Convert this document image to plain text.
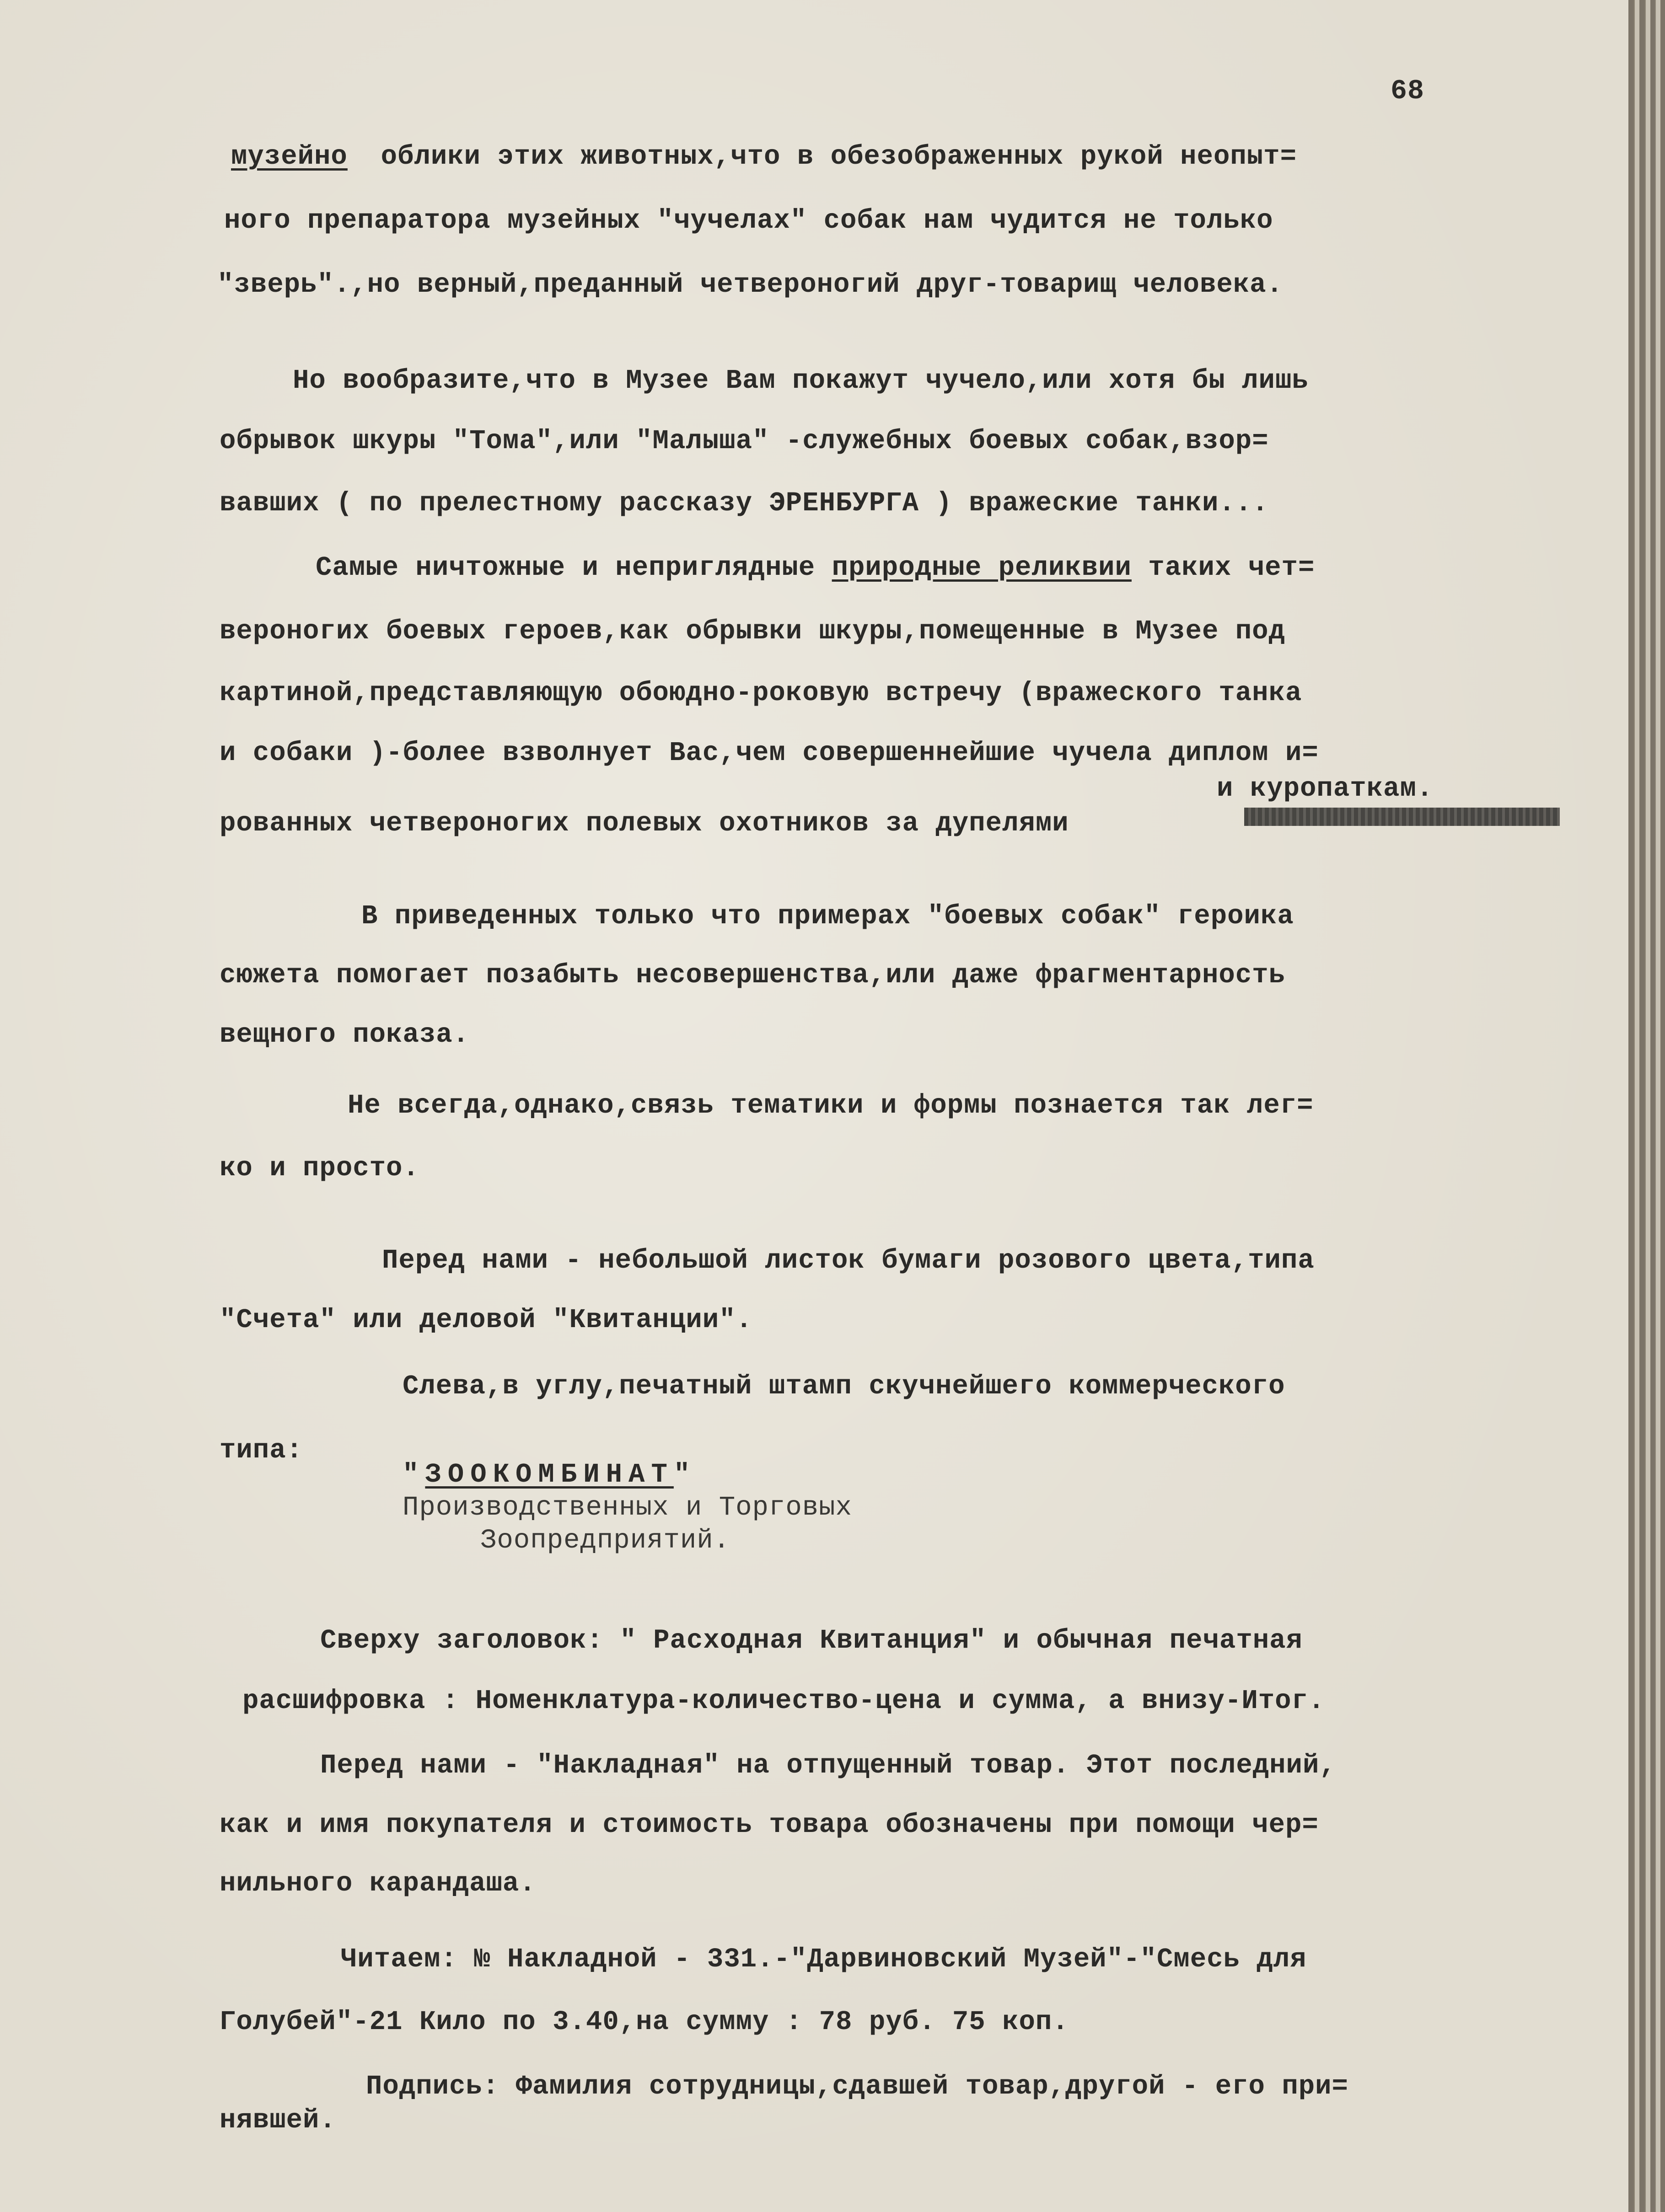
68
музейно  облики этих животных,что в обезображенных рукой неопыт=
ного препаратора музейных "чучелах" собак нам чудится не только
"зверь".,но верный,преданный четвероногий друг-товарищ человека.
Но вообразите,что в Музее Вам покажут чучело,или хотя бы лишь
обрывок шкуры "Тома",или "Малыша" -служебных боевых собак,взор=
вавших ( по прелестному рассказу ЭРЕНБУРГА ) вражеские танки...
Самые ничтожные и неприглядные природные реликвии таких чет=
вероногих боевых героев,как обрывки шкуры,помещенные в Музее под
картиной,представляющую обоюдно-роковую встречу (вражеского танка
и собаки )-более взволнует Вас,чем совершеннейшие чучела диплом и=
и куропаткам.
рованных четвероногих полевых охотников за дупелями
В приведенных только что примерах "боевых собак" героика
сюжета помогает позабыть несовершенства,или даже фрагментарность
вещного показа.
Не всегда,однако,связь тематики и формы познается так лег=
ко и просто.
Перед нами - небольшой листок бумаги розового цвета,типа
"Счета" или деловой "Квитанции".
Слева,в углу,печатный штамп скучнейшего коммерческого
типа:
"ЗООКОМБИНАТ"
Производственных и Торговых
Зоопредприятий.
Сверху заголовок: " Расходная Квитанция" и обычная печатная
расшифровка : Номенклатура-количество-цена и сумма, а внизу-Итог.
Перед нами - "Накладная" на отпущенный товар. Этот последний,
как и имя покупателя и стоимость товара обозначены при помощи чер=
нильного карандаша.
Читаем: № Накладной - 331.-"Дарвиновский Музей"-"Смесь для
Голубей"-21 Кило по 3.40,на сумму : 78 руб. 75 коп.
Подпись: Фамилия сотрудницы,сдавшей товар,другой - его при=
нявшей.
